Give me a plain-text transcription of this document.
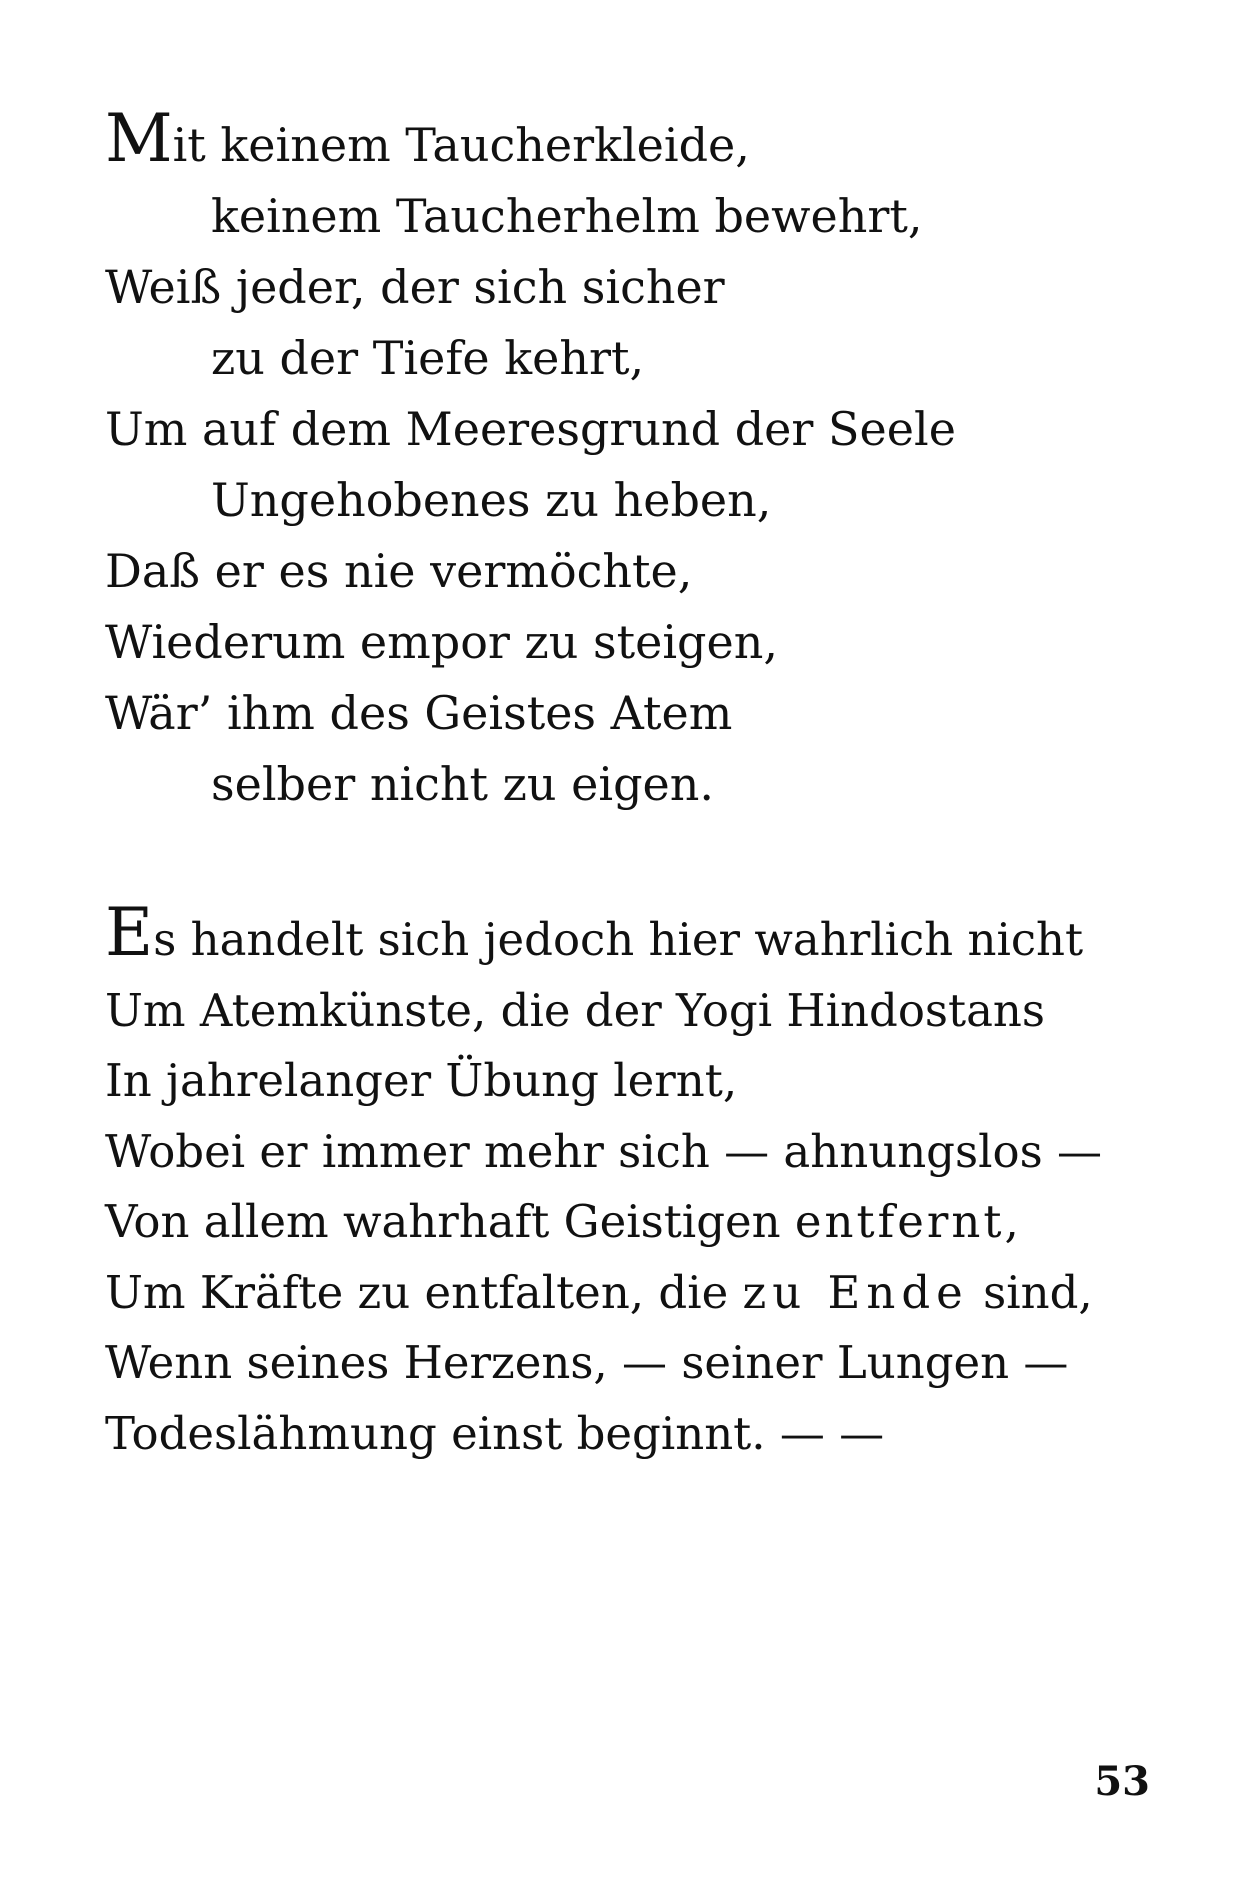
Mit keinem Taucherkleide,
keinem Taucherhelm bewehrt,
Weiß jeder, der sich sicher
zu der Tiefe kehrt,
Um auf dem Meeresgrund der Seele
Ungehobenes zu heben,
Daß er es nie vermöchte,
Wiederum empor zu steigen,
Wär’ ihm des Geistes Atem
selber nicht zu eigen.
Es handelt sich jedoch hier wahrlich nicht
Um Atemkünste, die der Yogi Hindostans
In jahrelanger Übung lernt,
Wobei er immer mehr sich — ahnungslos —
Von allem wahrhaft Geistigen entfernt,
Um Kräfte zu entfalten, die zu Ende sind,
Wenn seines Herzens, — seiner Lungen —
Todeslähmung einst beginnt. — —
53
